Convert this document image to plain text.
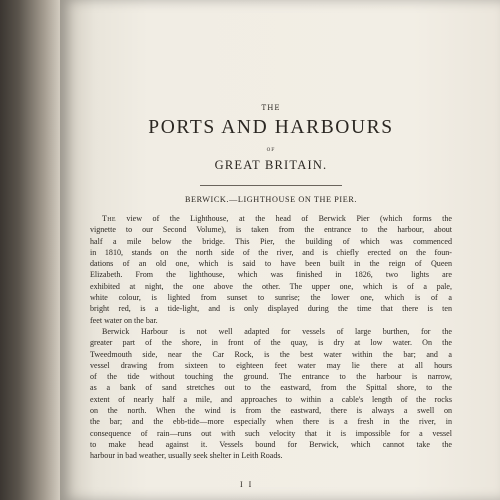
THE
PORTS AND HARBOURS
OF
GREAT BRITAIN.
BERWICK.—LIGHTHOUSE ON THE PIER.
The view of the Lighthouse, at the head of Berwick Pier (which forms the
vignette to our Second Volume), is taken from the entrance to the harbour, about
half a mile below the bridge. This Pier, the building of which was commenced
in 1810, stands on the north side of the river, and is chiefly erected on the foun-
dations of an old one, which is said to have been built in the reign of Queen
Elizabeth. From the lighthouse, which was finished in 1826, two lights are
exhibited at night, the one above the other. The upper one, which is of a pale,
white colour, is lighted from sunset to sunrise; the lower one, which is of a
bright red, is a tide-light, and is only displayed during the time that there is ten
feet water on the bar.
Berwick Harbour is not well adapted for vessels of large burthen, for the
greater part of the shore, in front of the quay, is dry at low water. On the
Tweedmouth side, near the Car Rock, is the best water within the bar; and a
vessel drawing from sixteen to eighteen feet water may lie there at all hours
of the tide without touching the ground. The entrance to the harbour is narrow,
as a bank of sand stretches out to the eastward, from the Spittal shore, to the
extent of nearly half a mile, and approaches to within a cable's length of the rocks
on the north. When the wind is from the eastward, there is always a swell on
the bar; and the ebb-tide—more especially when there is a fresh in the river, in
consequence of rain—runs out with such velocity that it is impossible for a vessel
to make head against it. Vessels bound for Berwick, which cannot take the
harbour in bad weather, usually seek shelter in Leith Roads.
I I
